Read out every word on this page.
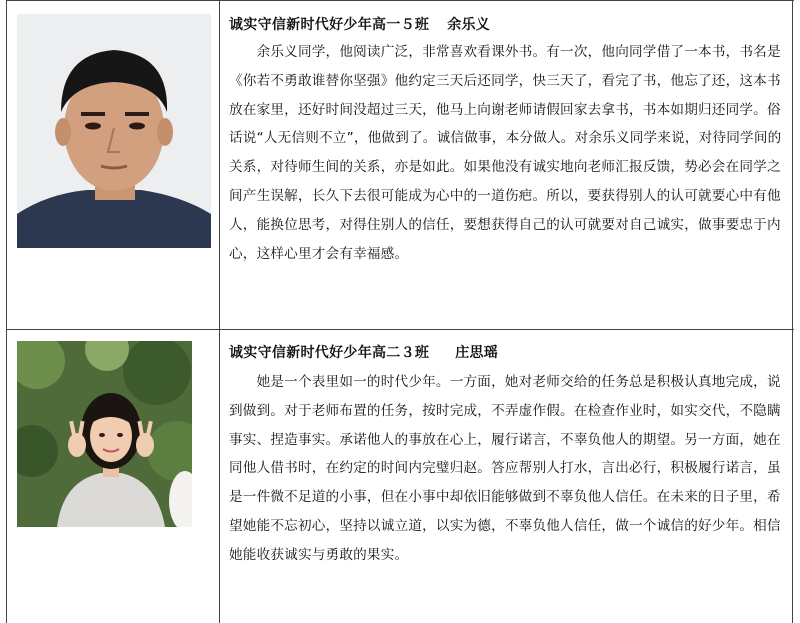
诚实守信新时代好少年高一５班 余乐义
　　余乐义同学，他阅读广泛，非常喜欢看课外书。有一次，他向同学借了一本书，书名是《你若不勇敢谁替你坚强》他约定三天后还同学，快三天了，看完了书，他忘了还，这本书放在家里，还好时间没超过三天，他马上向谢老师请假回家去拿书，书本如期归还同学。俗话说“人无信则不立”，他做到了。诚信做事，本分做人。对余乐义同学来说，对待同学间的关系，对待师生间的关系，亦是如此。如果他没有诚实地向老师汇报反馈，势必会在同学之间产生误解，长久下去很可能成为心中的一道伤疤。所以，要获得别人的认可就要心中有他人，能换位思考，对得住别人的信任，要想获得自己的认可就要对自己诚实，做事要忠于内心，这样心里才会有幸福感。
诚实守信新时代好少年高二３班 庄思瑶
　　她是一个表里如一的时代少年。一方面，她对老师交给的任务总是积极认真地完成，说到做到。对于老师布置的任务，按时完成，不弄虚作假。在检查作业时，如实交代，不隐瞒事实、捏造事实。承诺他人的事放在心上，履行诺言，不辜负他人的期望。另一方面，她在同他人借书时，在约定的时间内完璧归赵。答应帮别人打水，言出必行，积极履行诺言，虽是一件微不足道的小事，但在小事中却依旧能够做到不辜负他人信任。在未来的日子里，希望她能不忘初心，坚持以诚立道，以实为德，不辜负他人信任，做一个诚信的好少年。相信她能收获诚实与勇敢的果实。
